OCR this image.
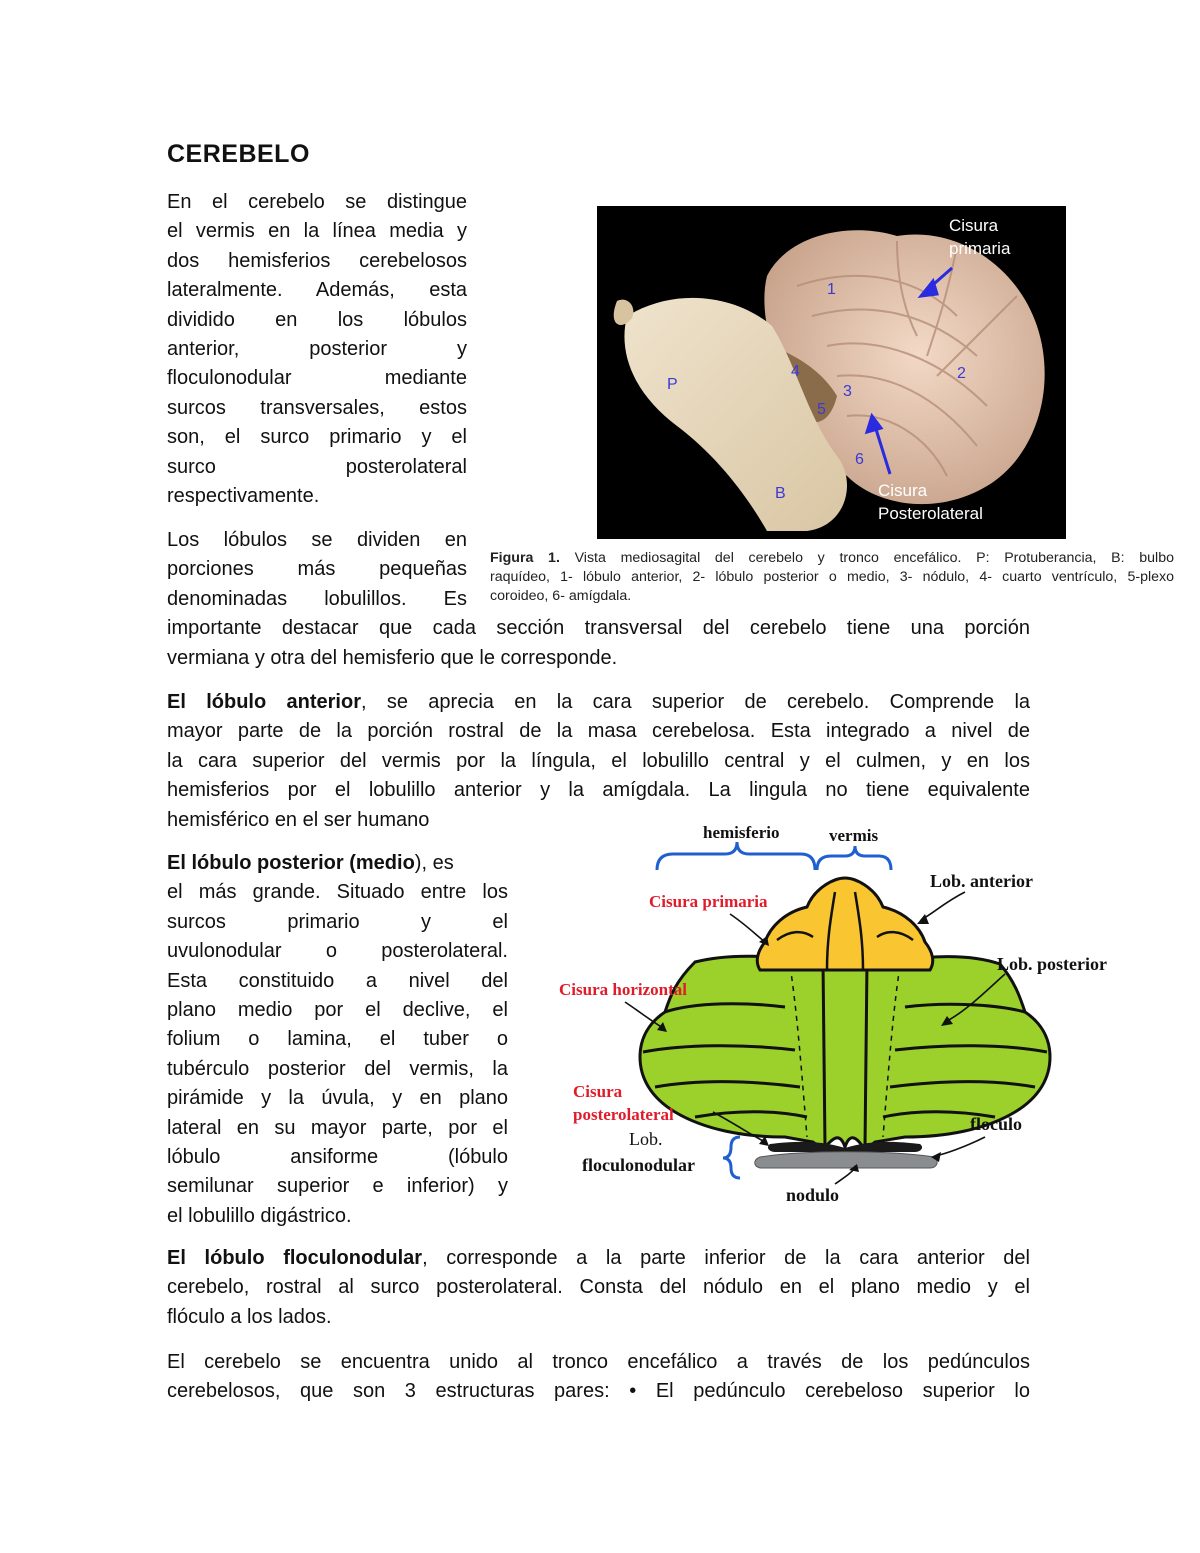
CEREBELO
En el cerebelo se distingue
el vermis en la línea media y
dos hemisferios cerebelosos
lateralmente. Además, esta
dividido en los lóbulos
anterior, posterior y
floculonodular mediante
surcos transversales, estos
son, el surco primario y el
surco posterolateral
respectivamente.
Los lóbulos se dividen en
porciones más pequeñas
denominadas lobulillos. Es
importante destacar que cada sección transversal del cerebelo tiene una porción
vermiana y otra del hemisferio que le corresponde.
Cisura
primaria
Cisura
Posterolateral
1
2
3
4
5
6
P
B
Figura 1. Vista mediosagital del cerebelo y tronco encefálico. P: Protuberancia, B: bulbo
raquídeo, 1- lóbulo anterior, 2- lóbulo posterior o medio, 3- nódulo, 4- cuarto ventrículo, 5-plexo
coroideo, 6- amígdala.
El lóbulo anterior, se aprecia en la cara superior de cerebelo. Comprende la
mayor parte de la porción rostral de la masa cerebelosa. Esta integrado a nivel de
la cara superior del vermis por la língula, el lobulillo central y el culmen, y en los
hemisferios por el lobulillo anterior y la amígdala. La lingula no tiene equivalente
hemisférico en el ser humano
El lóbulo posterior (medio), es
el más grande. Situado entre los
surcos primario y el
uvulonodular o posterolateral.
Esta constituido a nivel del
plano medio por el declive, el
folium o lamina, el tuber o
tubérculo posterior del vermis, la
pirámide y la úvula, y en plano
lateral en su mayor parte, por el
lóbulo ansiforme (lóbulo
semilunar superior e inferior) y
el lobulillo digástrico.
hemisferio	vermis
Lob. anterior
Lob. posterior
Cisura primaria
Cisura horizontal
Cisura
posterolateral
Lob.
floculonodular
floculo
nodulo
El lóbulo floculonodular, corresponde a la parte inferior de la cara anterior del
cerebelo, rostral al surco posterolateral. Consta del nódulo en el plano medio y el
flóculo a los lados.
El cerebelo se encuentra unido al tronco encefálico a través de los pedúnculos
cerebelosos, que son 3 estructuras pares: • El pedúnculo cerebeloso superior lo
